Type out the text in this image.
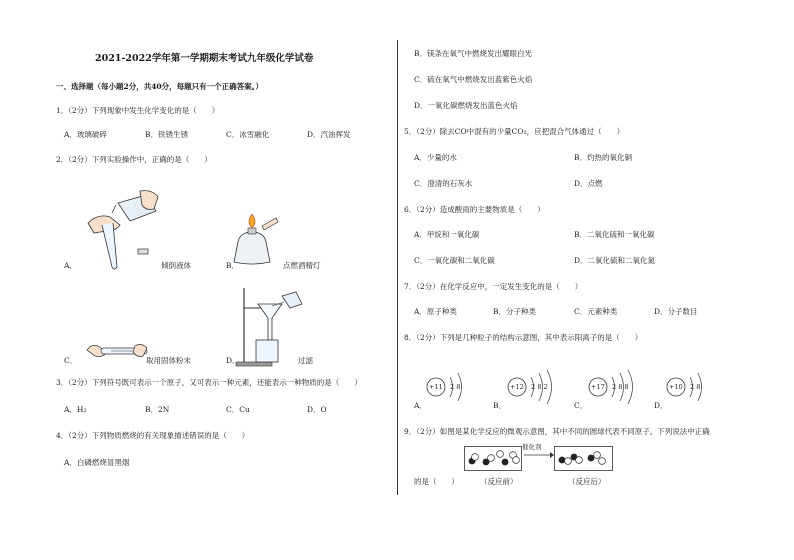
2021-2022学年第一学期期末考试九年级化学试卷
一、选择题（每小题2分，共40分，每题只有一个正确答案。）
1．（2分）下列现象中发生化学变化的是（　　）
A．玻璃破碎	B．铁锈生锈	C．冰雪融化	D．汽油挥发
2．（2分）下列实验操作中，正确的是（　　）
A．	倾倒液体	B．	点燃酒精灯
C．	取用固体粉末	D．	过滤
3．（2分）下列符号既可表示一个原子，又可表示一种元素，还能表示一种物质的是（　　）
A．H₂	B．2N	C．Cu	D．O
4．（2分）下列物质燃烧的有关现象描述错误的是（　　）
A．白磷燃烧冒黑烟
B．镁条在氧气中燃烧发出耀眼白光
C．硫在氧气中燃烧发出蓝紫色火焰
D．一氧化碳燃烧发出蓝色火焰
5．（2分）除去CO中混有的少量CO₂，应把混合气体通过（　　）
A．少量的水	B．灼热的氧化铜
C．澄清的石灰水	D．点燃
6．（2分）造成酸雨的主要物质是（　　）
A．甲烷和一氧化碳	B．二氧化硫和一氧化碳
C．一氧化碳和二氧化碳	D．二氧化硫和二氧化氮
7．（2分）在化学反应中，一定发生变化的是（　　）
A．原子种类	B．分子种类	C．元素种类	D．分子数目
8．（2分）下列是几种粒子的结构示意图，其中表示阳离子的是（　　）
+11 2 8
A．
+12 2 8 2
B．
+17 2 8 8
C．
+10 2 8
D．
9．（2分）如图是某化学反应的微观示意图，其中不同的圆球代表不同原子。下列说法中正确
催化剂
的是（　　）	（反应前）	（反应后）
